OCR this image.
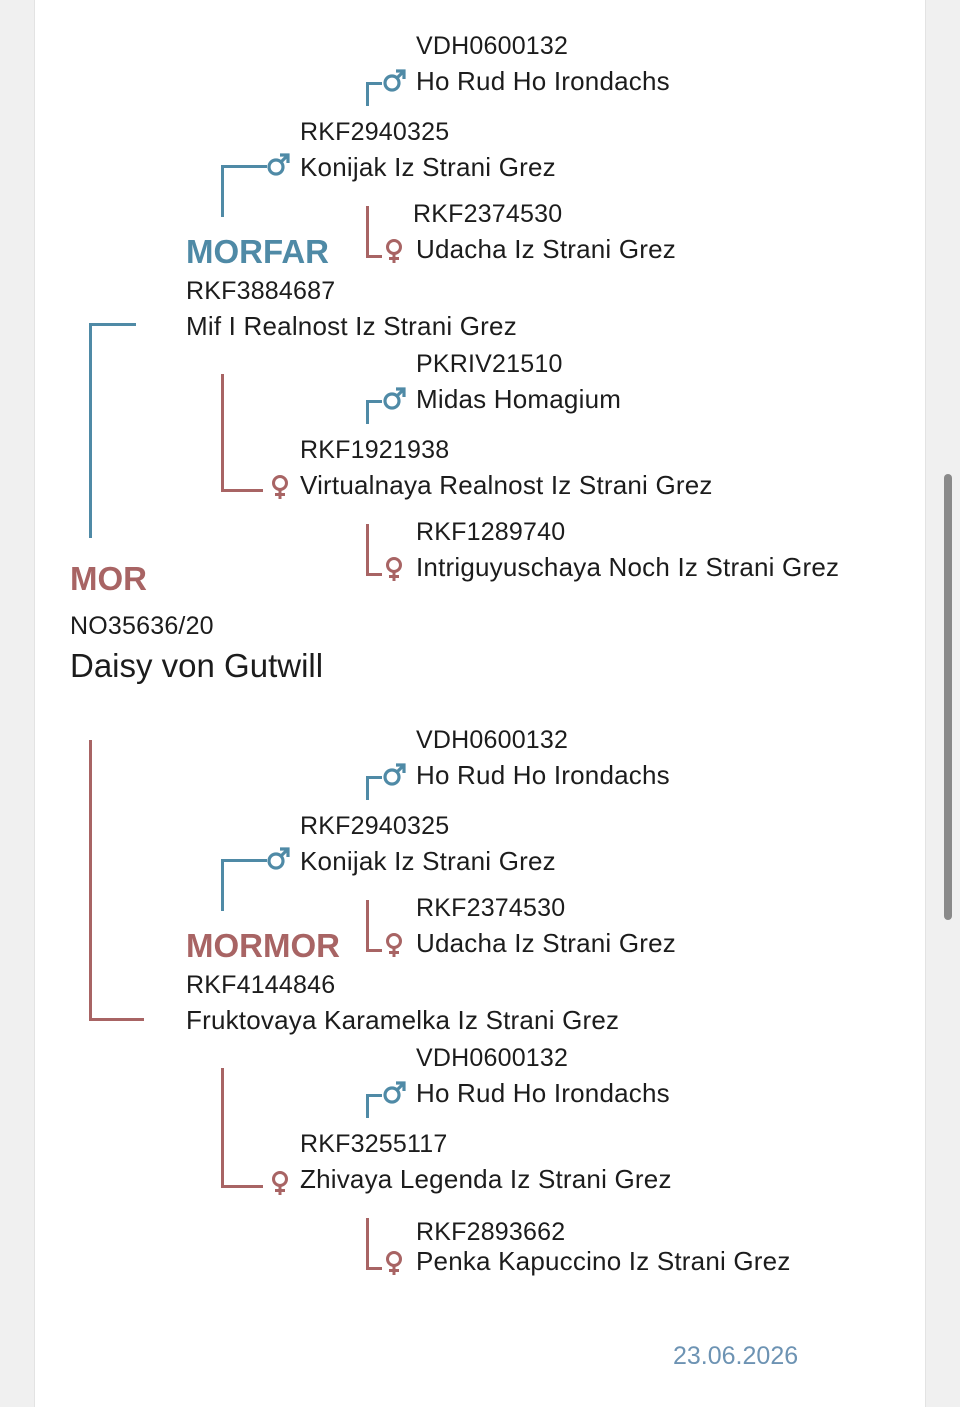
VDH0600132
Ho Rud Ho Irondachs
RKF2940325
Konijak Iz Strani Grez
RKF2374530
Udacha Iz Strani Grez
MORFAR
RKF3884687
Mif I Realnost Iz Strani Grez
PKRIV21510
Midas Homagium
RKF1921938
Virtualnaya Realnost Iz Strani Grez
RKF1289740
Intriguyuschaya Noch Iz Strani Grez
MOR
NO35636/20
Daisy von Gutwill
VDH0600132
Ho Rud Ho Irondachs
RKF2940325
Konijak Iz Strani Grez
RKF2374530
Udacha Iz Strani Grez
MORMOR
RKF4144846
Fruktovaya Karamelka Iz Strani Grez
VDH0600132
Ho Rud Ho Irondachs
RKF3255117
Zhivaya Legenda Iz Strani Grez
RKF2893662
Penka Kapuccino Iz Strani Grez
23.06.2026
